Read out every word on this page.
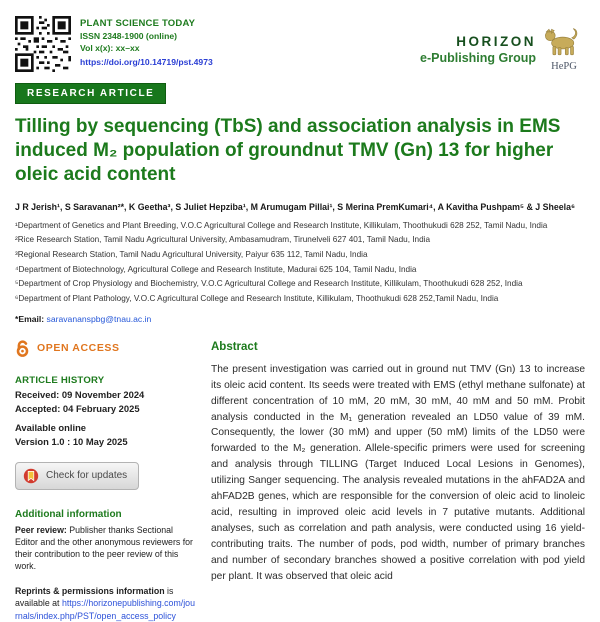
PLANT SCIENCE TODAY
ISSN 2348-1900 (online)
Vol x(x): xx–xx
https://doi.org/10.14719/pst.4973
HORIZON
e-Publishing Group
HePG
RESEARCH ARTICLE
Tilling by sequencing (TbS) and association analysis in EMS induced M₂ population of groundnut TMV (Gn) 13 for higher oleic acid content
J R Jerish¹, S Saravanan²*, K Geetha³, S Juliet Hepziba¹, M Arumugam Pillai¹, S Merina PremKumari⁴, A Kavitha Pushpam⁵ & J Sheela⁶
¹Department of Genetics and Plant Breeding, V.O.C Agricultural College and Research Institute, Killikulam, Thoothukudi 628 252, Tamil Nadu, India
²Rice Research Station, Tamil Nadu Agricultural University, Ambasamudram, Tirunelveli 627 401, Tamil Nadu, India
³Regional Research Station, Tamil Nadu Agricultural University, Paiyur 635 112, Tamil Nadu, India
⁴Department of Biotechnology, Agricultural College and Research Institute, Madurai 625 104, Tamil Nadu, India
⁵Department of Crop Physiology and Biochemistry, V.O.C Agricultural College and Research Institute, Killikulam, Thoothukudi 628 252, India
⁶Department of Plant Pathology, V.O.C Agricultural College and Research Institute, Killikulam, Thoothukudi 628 252,Tamil Nadu, India
*Email: saravananspbg@tnau.ac.in
OPEN ACCESS
ARTICLE HISTORY
Received: 09 November 2024
Accepted: 04 February 2025
Available online
Version 1.0 : 10 May 2025
Check for updates
Additional information
Peer review: Publisher thanks Sectional Editor and the other anonymous reviewers for their contribution to the peer review of this work.
Reprints & permissions information is available at https://horizonepublishing.com/journals/index.php/PST/open_access_policy
Abstract
The present investigation was carried out in ground nut TMV (Gn) 13 to increase its oleic acid content. Its seeds were treated with EMS (ethyl methane sulfonate) at different concentration of 10 mM, 20 mM, 30 mM, 40 mM and 50 mM. Probit analysis conducted in the M₁ generation revealed an LD50 value of 39 mM. Consequently, the lower (30 mM) and upper (50 mM) limits of the LD50 were forwarded to the M₂ generation. Allele-specific primers were used for screening and analysis through TILLING (Target Induced Local Lesions in Genomes), utilizing Sanger sequencing. The analysis revealed mutations in the ahFAD2A and ahFAD2B genes, which are responsible for the conversion of oleic acid to linoleic acid, resulting in improved oleic acid levels in 7 putative mutants. Additional analyses, such as correlation and path analysis, were conducted using 16 yield-contributing traits. The number of pods, pod width, number of primary branches and number of secondary branches showed a positive correlation with pod yield per plant. It was observed that oleic acid
